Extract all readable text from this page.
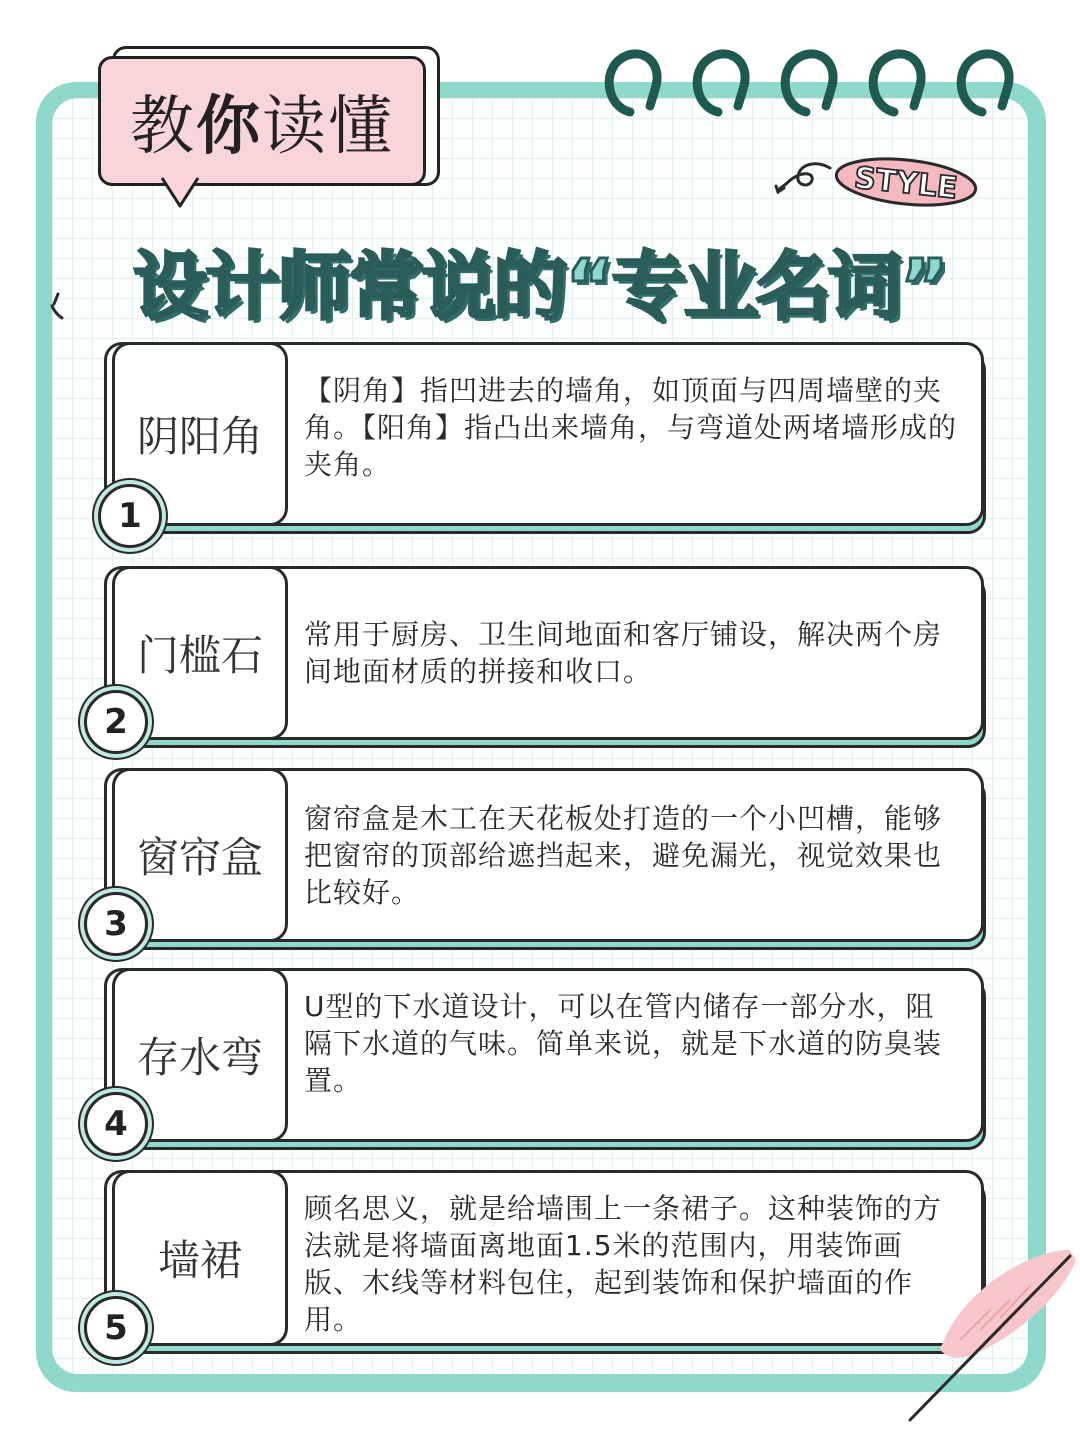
教 你 读懂
STYLE
设计师常说的“专业名词”
阴阳角
【阴角】指凹进去的墙角，如顶面与四周墙壁的夹角。【阳角】指凸出来墙角，与弯道处两堵墙形成的夹角。
1
门槛石	常用于厨房、卫生间地面和客厅铺设，解决两个房间地面材质的拼接和收口。
2
窗帘盒
窗帘盒是木工在天花板处打造的一个小凹槽，能够把窗帘的顶部给遮挡起来，避免漏光，视觉效果也比较好。
3
存水弯
U型的下水道设计，可以在管内储存一部分水，阻隔下水道的气味。简单来说，就是下水道的防臭装置。
4
墙裙
顾名思义，就是给墙围上一条裙子。这种装饰的方法就是将墙面离地面1.5米的范围内，用装饰画版、木线等材料包住，起到装饰和保护墙面的作用。
5
